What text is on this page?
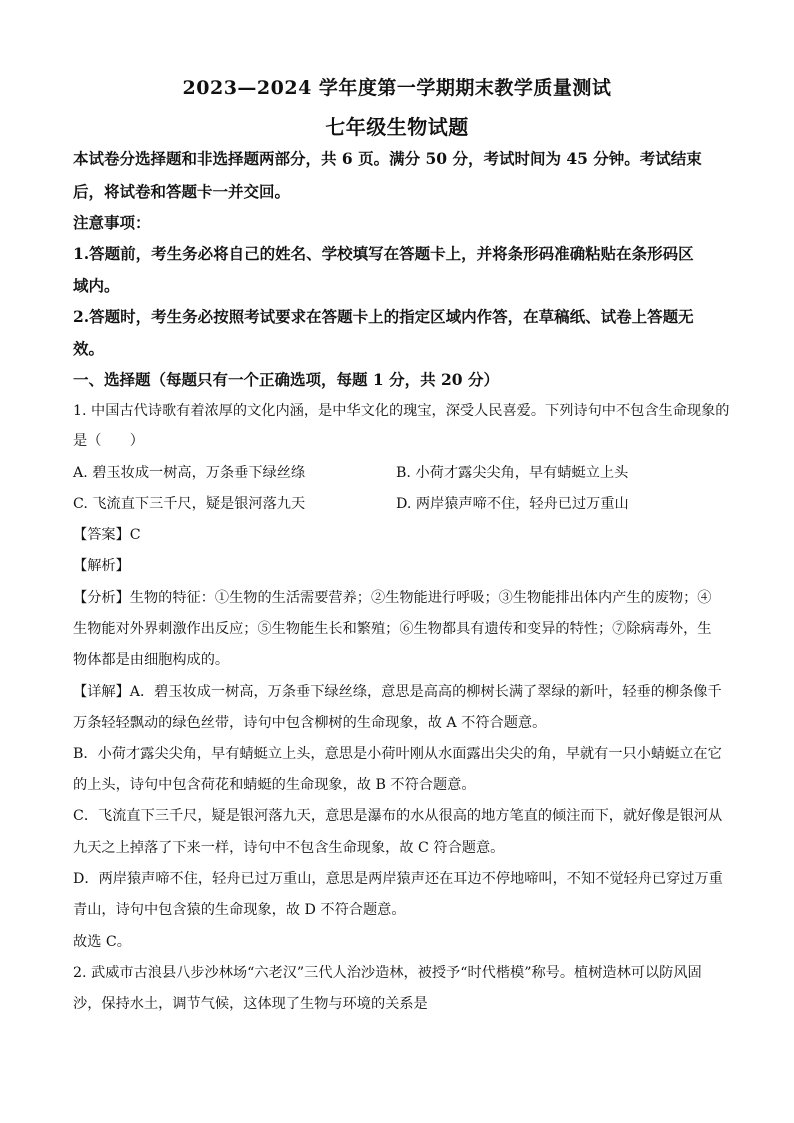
2023—2024 学年度第一学期期末教学质量测试
七年级生物试题
本试卷分选择题和非选择题两部分，共 6 页。满分 50 分，考试时间为 45 分钟。考试结束
后，将试卷和答题卡一并交回。
注意事项：
1.答题前，考生务必将自己的姓名、学校填写在答题卡上，并将条形码准确粘贴在条形码区
域内。
2.答题时，考生务必按照考试要求在答题卡上的指定区域内作答，在草稿纸、试卷上答题无
效。
一、选择题（每题只有一个正确选项，每题 1 分，共 20 分）
1. 中国古代诗歌有着浓厚的文化内涵，是中华文化的瑰宝，深受人民喜爱。下列诗句中不包含生命现象的
是（　　）
A. 碧玉妆成一树高，万条垂下绿丝绦	B. 小荷才露尖尖角，早有蜻蜓立上头
C. 飞流直下三千尺，疑是银河落九天	D. 两岸猿声啼不住，轻舟已过万重山
【答案】C
【解析】
【分析】生物的特征：①生物的生活需要营养；②生物能进行呼吸；③生物能排出体内产生的废物；④
生物能对外界刺激作出反应；⑤生物能生长和繁殖；⑥生物都具有遗传和变异的特性；⑦除病毒外，生
物体都是由细胞构成的。
【详解】A．碧玉妆成一树高，万条垂下绿丝绦，意思是高高的柳树长满了翠绿的新叶，轻垂的柳条像千
万条轻轻飘动的绿色丝带，诗句中包含柳树的生命现象，故 A 不符合题意。
B．小荷才露尖尖角，早有蜻蜓立上头，意思是小荷叶刚从水面露出尖尖的角，早就有一只小蜻蜓立在它
的上头，诗句中包含荷花和蜻蜓的生命现象，故 B 不符合题意。
C．飞流直下三千尺，疑是银河落九天，意思是瀑布的水从很高的地方笔直的倾注而下，就好像是银河从
九天之上掉落了下来一样，诗句中不包含生命现象，故 C 符合题意。
D．两岸猿声啼不住，轻舟已过万重山，意思是两岸猿声还在耳边不停地啼叫，不知不觉轻舟已穿过万重
青山，诗句中包含猿的生命现象，故 D 不符合题意。
故选 C。
2. 武威市古浪县八步沙林场“六老汉”三代人治沙造林，被授予“时代楷模”称号。植树造林可以防风固
沙，保持水土，调节气候，这体现了生物与环境的关系是
